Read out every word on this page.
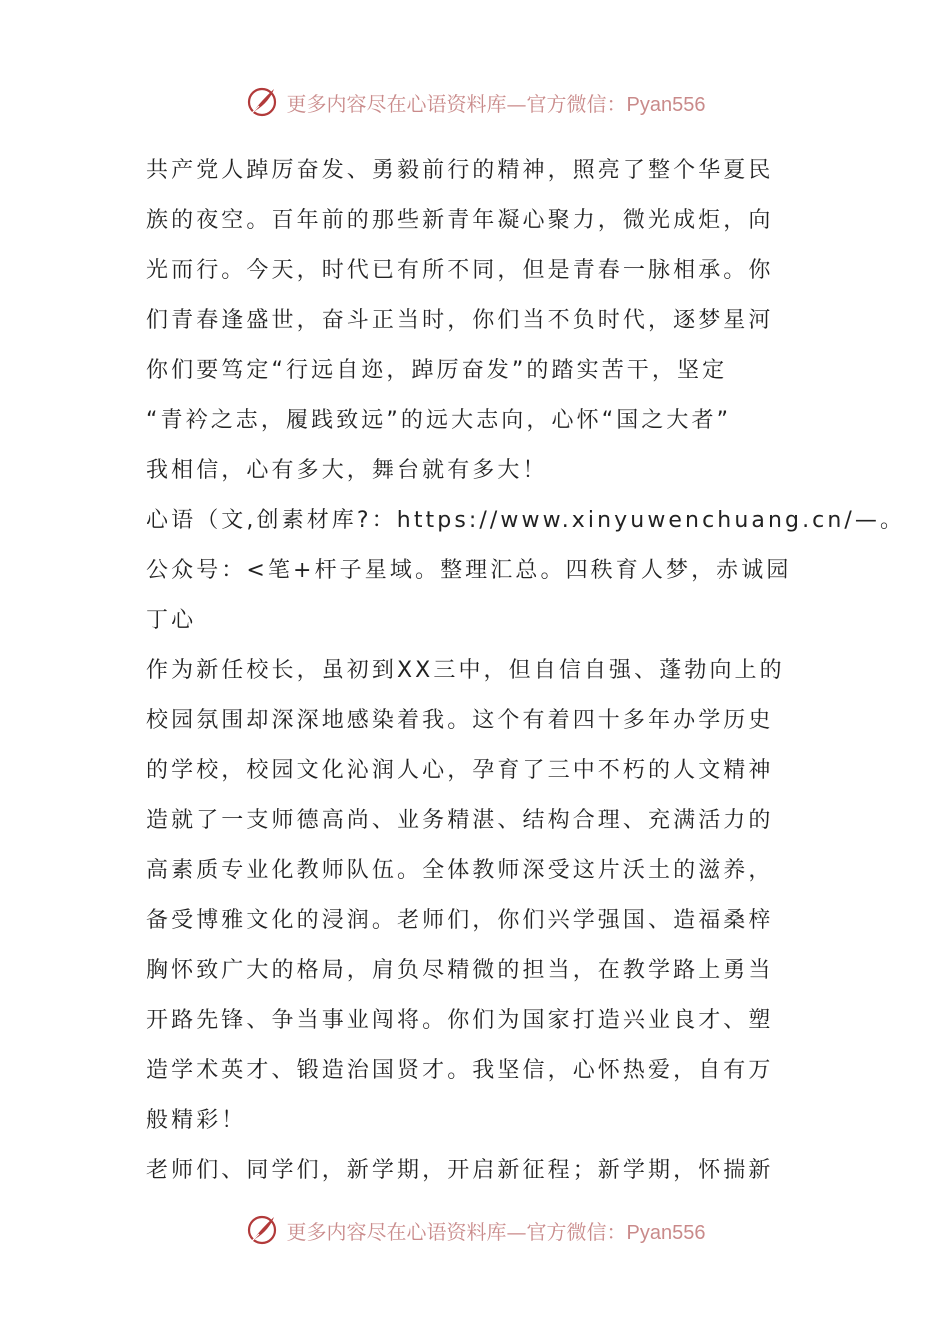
更多内容尽在心语资料库—官方微信：Pyan556
共产党人踔厉奋发、勇毅前行的精神，照亮了整个华夏民
族的夜空。百年前的那些新青年凝心聚力，微光成炬，向
光而行。今天，时代已有所不同，但是青春一脉相承。你
们青春逢盛世，奋斗正当时，你们当不负时代，逐梦星河
你们要笃定“行远自迩，踔厉奋发”的踏实苦干，坚定
“青衿之志，履践致远”的远大志向，心怀“国之大者”
我相信，心有多大，舞台就有多大！
心语（文,创素材库?：https://www.xinyuwenchuang.cn/—。
公众号：<笔+杆子星域。整理汇总。四秩育人梦，赤诚园
丁心
作为新任校长，虽初到XX三中，但自信自强、蓬勃向上的
校园氛围却深深地感染着我。这个有着四十多年办学历史
的学校，校园文化沁润人心，孕育了三中不朽的人文精神
造就了一支师德高尚、业务精湛、结构合理、充满活力的
高素质专业化教师队伍。全体教师深受这片沃土的滋养，
备受博雅文化的浸润。老师们，你们兴学强国、造福桑梓
胸怀致广大的格局，肩负尽精微的担当，在教学路上勇当
开路先锋、争当事业闯将。你们为国家打造兴业良才、塑
造学术英才、锻造治国贤才。我坚信，心怀热爱，自有万
般精彩！
老师们、同学们，新学期，开启新征程；新学期，怀揣新
更多内容尽在心语资料库—官方微信：Pyan556
